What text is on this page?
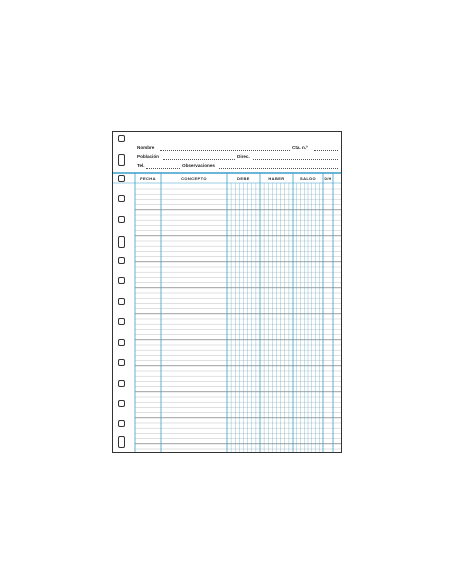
Nombre	Cta. n.º
Población	Direc.
Tel.	Observaciones
FECHA	CONCEPTO	DEBE	HABER	SALDO	D/H
